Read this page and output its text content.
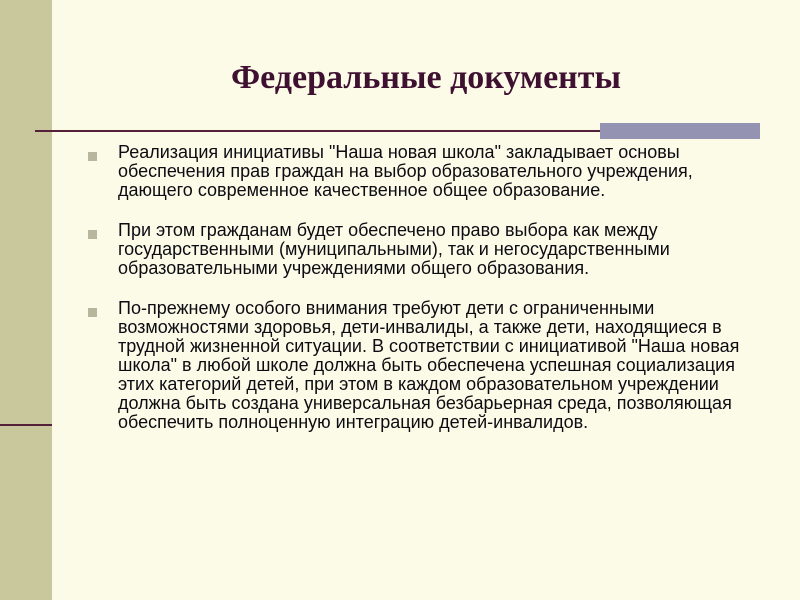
Федеральные документы
Реализация инициативы "Наша новая школа" закладывает основы обеспечения прав граждан на выбор образовательного учреждения, дающего современное качественное общее образование.
При этом гражданам будет обеспечено право выбора как между государственными (муниципальными), так и негосударственными образовательными учреждениями общего образования.
По-прежнему особого внимания требуют дети с ограниченными возможностями здоровья, дети-инвалиды, а также дети, находящиеся в трудной жизненной ситуации. В соответствии с инициативой "Наша новая школа" в любой школе должна быть обеспечена успешная социализация этих категорий детей, при этом в каждом образовательном учреждении должна быть создана универсальная безбарьерная среда, позволяющая обеспечить полноценную интеграцию детей-инвалидов.
